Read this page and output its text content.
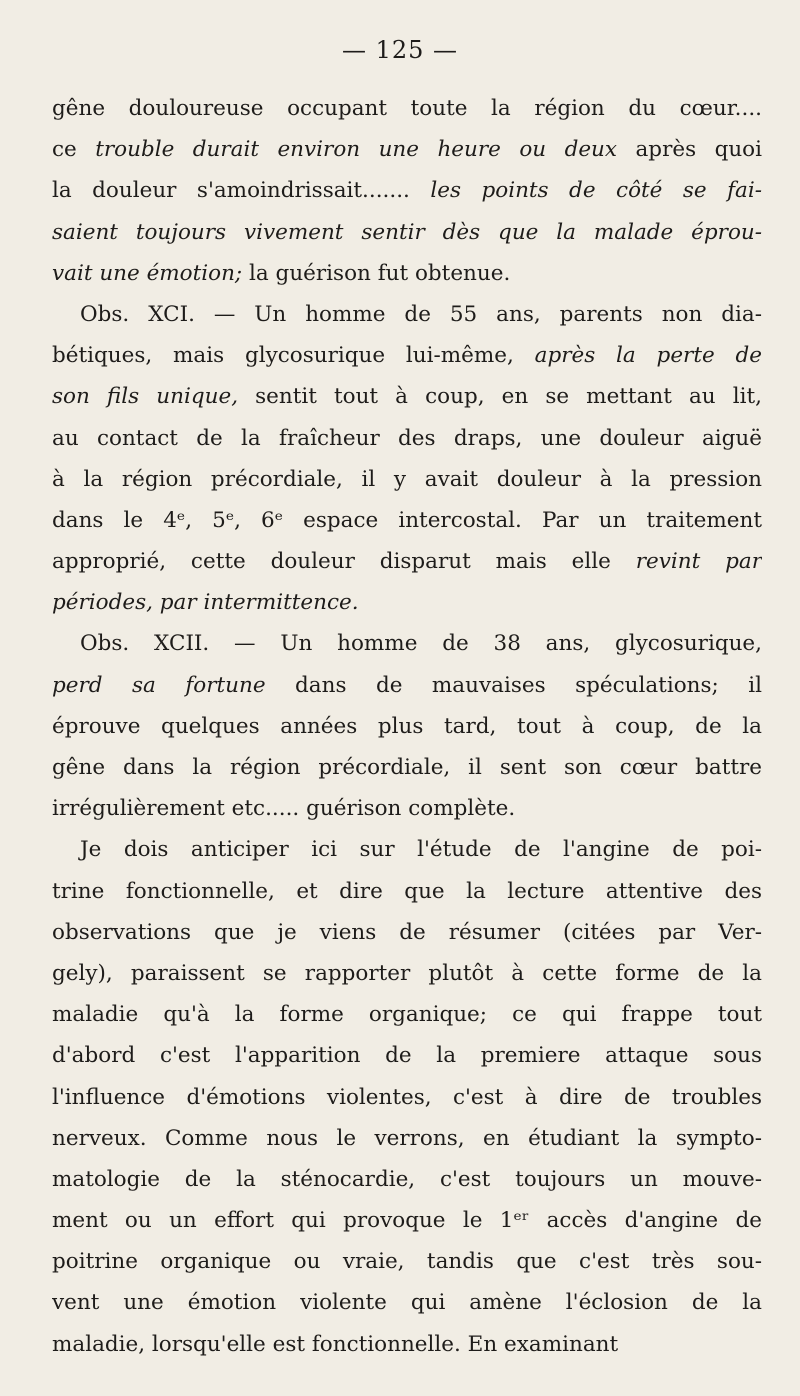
— 125 —
gêne douloureuse occupant toute la région du cœur....
ce trouble durait environ une heure ou deux après quoi
la douleur s'amoindrissait....... les points de côté se fai-
saient toujours vivement sentir dès que la malade éprou-
vait une émotion; la guérison fut obtenue.
Obs. XCI. — Un homme de 55 ans, parents non dia-
bétiques, mais glycosurique lui-même, après la perte de
son fils unique, sentit tout à coup, en se mettant au lit,
au contact de la fraîcheur des draps, une douleur aiguë
à la région précordiale, il y avait douleur à la pression
dans le 4ᵉ, 5ᵉ, 6ᵉ espace intercostal. Par un traitement
approprié, cette douleur disparut mais elle revint par
périodes, par intermittence.
Obs. XCII. — Un homme de 38 ans, glycosurique,
perd sa fortune dans de mauvaises spéculations; il
éprouve quelques années plus tard, tout à coup, de la
gêne dans la région précordiale, il sent son cœur battre
irrégulièrement etc..... guérison complète.
Je dois anticiper ici sur l'étude de l'angine de poi-
trine fonctionnelle, et dire que la lecture attentive des
observations que je viens de résumer (citées par Ver-
gely), paraissent se rapporter plutôt à cette forme de la
maladie qu'à la forme organique; ce qui frappe tout
d'abord c'est l'apparition de la premiere attaque sous
l'influence d'émotions violentes, c'est à dire de troubles
nerveux. Comme nous le verrons, en étudiant la sympto-
matologie de la sténocardie, c'est toujours un mouve-
ment ou un effort qui provoque le 1ᵉʳ accès d'angine de
poitrine organique ou vraie, tandis que c'est très sou-
vent une émotion violente qui amène l'éclosion de la
maladie, lorsqu'elle est fonctionnelle. En examinant
